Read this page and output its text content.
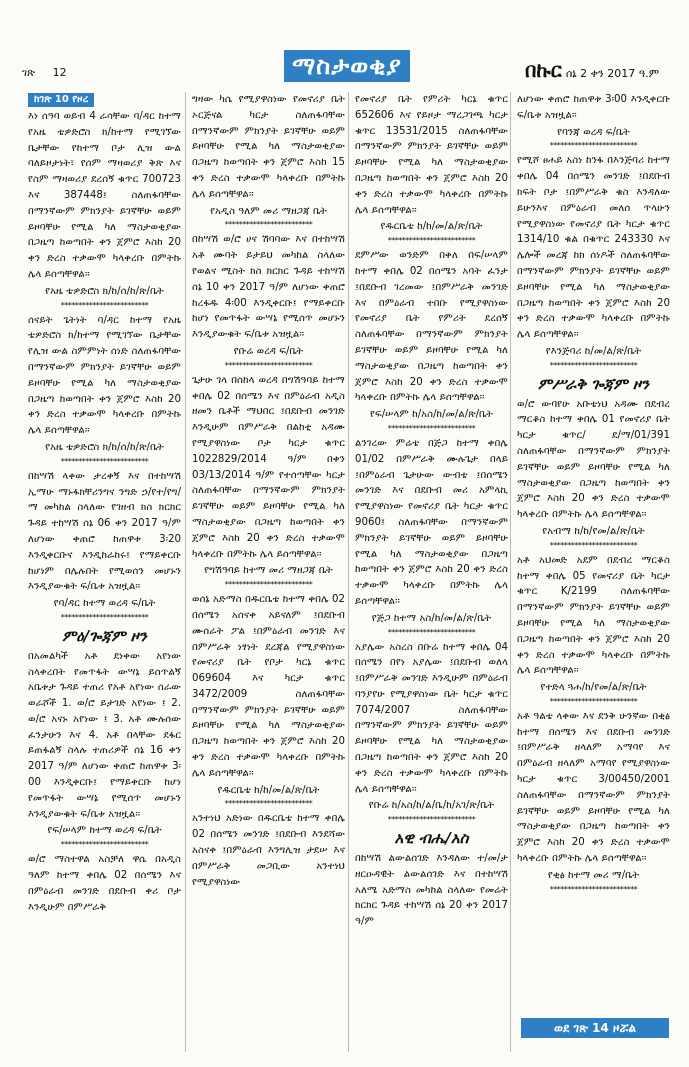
ገጽ 12	ማስታወቂያ	በኩር ሰኔ 2 ቀን 2017 ዓ.ም
ከገጽ 10 የዞረ

እነ ሰዓባ ወይብ 4 ራሳቸው ባ/ዳር ከተማ የአዜ ቴዎድሮስ ክ/ከተማ የሚገኘው ቤታቸው የከተማ ቦታ ሊዝ ውል ባለይዞታነት፣ የሰም ማዛወሪያ ቅጽ እና የስም ማዛወሪያ ደረሰኝ ቁጥር 700723 እና 387448፤ ስለጠፋባቸው በማንኛውም ምክንያት ይገኛቸሁ ወይም ይዞባቸሁ የሚል ካለ ማስታወቂያው በጋዜጣ ከወጣበት ቀን ጀምሮ እስከ 20 ቀን ድረስ ተቃውሞ ካላቀረቡ በምትኩ ሌላ ይሰጣቸዋል፡፡

የአዜ ቴዎድሮስ ክ/ከ/ሰ/ከ/ጽ/ቤት
*************************

ሰናይት ጌትነት ባ/ዳር ከተማ የአዜ ቴዎድሮስ ክ/ከተማ የሚገኘው ቤታቸው የሊዝ ውል ስምምነት ሰነድ ስለጠፋባቸው በማንኛውም ምክንያት ይገኛቸሁ ወይም ይዞባቸሁ የሚል ካለ ማስታወቂያው በጋዜጣ ከወጣበት ቀን ጀምሮ እስከ 20 ቀን ድረስ ተቃውሞ ካላቀረቡ በምትኩ ሌላ ይሰጣቸዋል፡፡

የአዜ ቴዎድሮስ ክ/ከ/ሰ/ከ/ጽ/ቤት
*************************

በከሣሽ ላቀው ታረቀኝ እና በተከሣሽ ኢማሁ ማኑፋክቸሪንግና ንግድ ኃ/የተ/የግ/ማ መካከል ስላለው የገዘብ ክስ ክርክር ጉዳይ ተከሣሽ ሰኔ 06 ቀን 2017 ዓ/ም ለሆነው ቀጠሮ ከጠዋቱ 3፡20 እንዲቀርቡና እንዲከራከሩ፤ የማይቀርቡ ከሆነም በሌሉበት የሚወሰን መሆኑን እንዲያውቁት ፍ/ቤቱ አዝዟል፡፡

የባ/ዳር ከተማ ወረዳ ፍ/ቤት
*************************
ምዕ/ጐጃም ዞን

በአመልካች አቶ ደነቀው አየነው ስላቀረበት የመጥፋት ውሣኔ ይሰጥልኝ አቤቱታ ጉዳይ ተጠሪ የአቶ አየነው ሰራው ወራሾች 1. ወ/ሮ ይታገድ አየነው ፤ 2. ወ/ሮ አናኑ አየነው ፤ 3. አቶ ሙሉሰው ፈንታሁን እና 4. አቶ በላቸው ደፋር ይጠፋልኝ ስላሉ ተጠሪዎች ሰኔ 16 ቀን 2017 ዓ/ም ለሆነው ቀጠሮ ከጠዋቱ 3፡00 እንዲቀርቡ፤ የማይቀርቡ ከሆነ የመጥፋት ውሣኔ የሚሰጥ መሆኑን እንዲያውቁት ፍ/ቤቱ አዝዟል፡፡

የፍ/ሠላም ከተማ ወረዳ ፍ/ቤት
*************************

ወ/ሮ ማስተዋል አስቻለ ዋሴ በአዲስ ዓለም ከተማ ቀበሌ 02 በሰሜን እና በምዕራብ መንገድ በደቡብ ቀሪ ቦታ እንዲሁም በምሥራቅ

ግዛው ካሴ የሚያዋስነው የመኖሪያ ቤት ኦርጅናል ካርታ ስለጠፋባቸው በማንኛውም ምክንያት ይገኛቸሁ ወይም ይዞባቸሁ የሚል ካለ ማስታወቂያው በጋዜጣ ከወጣበት ቀን ጀምሮ እስከ 15 ቀን ድረስ ተቃውሞ ካላቀረቡ በምትኩ ሌላ ይሰጣቸዋል፡፡

የአዲስ ዓለም መሪ ማዘጋጃ ቤት
*************************

በከሣሽ ወ/ሮ ሀና ሽባባው እና በተከሣሽ አቶ ሙባት ይታይህ መካከል ስላለው የወልና ሚስት ክስ ክርክር ጉዳይ ተከሣሽ ሰኔ 10 ቀን 2017 ዓ/ም ለሆነው ቀጠሮ ከረፋዱ 4፡00 እንዲቀርቡ፤ የማይቀርቡ ከሆነ የመጥፋት ውሣኔ የሚሰጥ መሆኑን እንዲያውቁት ፍ/ቤቱ አዝዟል፡፡

የቡሬ ወረዳ ፍ/ቤት
*************************

ጌታሁ ገላ በሰከላ ወረዳ በግሽዓባይ ከተማ ቀበሌ 02 በሰሜን እና በምዕራብ አዲስ ዘመን ቤቶች ማህበር ፤በደቡብ መንገድ እንዲሁም በምሥራቅ በልከቲ አዳሙ የሚያዋስነው ቦታ ካርታ ቁጥር 1022829/2014 ዓ/ም በቀን 03/13/2014 ዓ/ም የተሰጣቸው ካርታ ስለጠፋባቸው በማንኛውም ምክንያት ይገኛቸሁ ወይም ይዞባቸሁ የሚል ካለ ማስታወቂያው በጋዜጣ ከወጣበት ቀን ጀምሮ እስከ 20 ቀን ድረስ ተቃውሞ ካላቀረቡ በምትኩ ሌላ ይሰጣቸዋል፡፡

የግሽዓባይ ከተማ መሪ ማዘጋጃ ቤት
*************************

ወሰኔ አድማስ በዱርቤቴ ከተማ ቀበሌ 02 በሰሜን አሰናቀ አይናለም ፤በደቡብ ሙሰራት ፖል ፤በምዕራብ መንገድ እና በምሥራቅ ነፃነት ደረጃል የሚያዋስነው የመኖሪያ ቤት የቦታ ካርኔ ቁጥር 069604 እና ካርታ ቁጥር 3472/2009 ስለጠፋባቸው በማንኛውም ምክንያት ይገኛቸሁ ወይም ይዞባቸሁ የሚል ካለ ማስታወቂያው በጋዜጣ ከወጣበት ቀን ጀምሮ እስከ 20 ቀን ድረስ ተቃውሞ ካላቀረቡ በምትኩ ሌላ ይሰጣቸዋል፡፡

የዱርቤቴ ከ/ከ/መ/ል/ጽ/ቤት
*************************

አንተነህ አድነው በዱርቤቴ ከተማ ቀበሌ 02 በሰሜን መንገድ ፤በደቡብ እንደሻው አስናቀ ፤በምዕራብ እንግሊዝ ታደሠ እና በምሥራቅ መጋቢው አንተነህ የሚያዋስነው

የመኖሪያ ቤት የምሪት ካርኔ ቁጥር 652606 እና የይዞታ ማረጋገጫ ካርታ ቁጥር 13531/2015 ስለጠፋባቸው በማንኛውም ምክንያት ይገኛቸሁ ወይም ይዞባቸሁ የሚል ካለ ማስታወቂያው በጋዜጣ ከወጣበት ቀን ጀምሮ እስከ 20 ቀን ድረስ ተቃውሞ ካላቀረቡ በምትኩ ሌላ ይሰጣቸዋል፡፡

የዱርቤቴ ከ/ከ/መ/ል/ጽ/ቤት
*************************

ደምሥው ወንድም በቀለ በፍ/ሠላም ከተማ ቀበሌ 02 በሰሜን አባት ፈንታ ፤በደቡብ ገረመው ፤በምሥራቅ መንገድ እና በምዕራብ ተበቡ የሚያዋስነው የመኖሪያ ቤት የምሪት ደረሰኝ ስለጠፋባቸው በማንኛውም ምክንያት ይገኛቸሁ ወይም ይዞባቸሁ የሚል ካለ ማስታወቂያው በጋዜጣ ከወጣበት ቀን ጀምሮ እስከ 20 ቀን ድረስ ተቃውሞ ካላቀረቡ በምትኩ ሌላ ይሰጣቸዋል፡፡

የፍ/ሠላም ከ/አስ/ከ/መ/ል/ጽ/ቤት
*************************

ልንገረው ምሬቴ በጅጋ ከተማ ቀበሌ 01/02 በምሥራቅ ሙሉጌታ በላይ ፤በምዕራብ ጌታሁው ውብቴ ፤በሰሜን መንገድ እና በደቡብ መሪ አምላኪ የሚያዋስነው የመኖሪያ ቤት ካርታ ቁጥር 9060፤ ስለጠፋባቸው በማንኛውም ምክንያት ይገኛቸሁ ወይም ይዞባቸሁ የሚል ካለ ማስታወቂያው በጋዜጣ ከወጣበት ቀን ጀምሮ እስከ 20 ቀን ድረስ ተቃውሞ ካላቀረቡ በምትኩ ሌላ ይሰጣቸዋል፡፡

የጅጋ ከተማ አስ/ከ/መ/ል/ጽ/ቤት
*************************

አያሌው አስረስ በቡሬ ከተማ ቀበሌ 04 በሰሜን በየነ አያሌው ፤በደቡብ ወለላ ፤በምሥራቅ መንገድ እንዲሁም በምዕራብ ባንያየሁ የሚያዋስነው ቤት ካርታ ቁጥር 7074/2007 ስለጠፋባቸው በማንኛውም ምክንያት ይገኛቸሁ ወይም ይዞባቸሁ የሚል ካለ ማስታወቂያው በጋዜጣ ከወጣበት ቀን ጀምሮ እስከ 20 ቀን ድረስ ተቃውሞ ካላቀረቡ በምትኩ ሌላ ይሰጣቸዋል፡፡

የቡሬ ከ/አስ/ከ/ል/ቤ/ከ/አገ/ጽ/ቤት
*************************
አዊ ብሔ/አስ

በከሣሽ ልውልሰገድ እንዳለው ተ/መ/ታ ዘርዑዳዊት ልውልሰገድ እና በተከሣሽ አለሜ አድማስ መካከል ስላለው የመሬት ክርክር ጉዳይ ተከሣሽ ሰኔ 20 ቀን 2017 ዓ/ም

ለሆነው ቀጠሮ ከጠዋቱ 3፡00 እንዲቀርቡ ፍ/ቤቱ አዝዟል፡፡

የባንጃ ወረዳ ፍ/ቤት
*************************

የሚሾ ፀሐይ አስነ ከንፋ በእንጅባሪ ከተማ ቀበሌ 04 በሰሜን መንገድ ፤በደቡብ ክፍት ቦታ ፤በምሥራቅ ቁስ እንዳለው ይሁንእና በምዕራብ መለሰ ጥላሁን የሚያዋስነው የመኖሪያ ቤት ካርታ ቁጥር 1314/10 ቁል በቁጥር 243330 እና ሌሎች መረጃ ከክ ሰነዶች ስለጠፋባቸው በማንኛውም ምክንያት ይገኛቸሁ ወይም ይዞባቸሁ የሚል ካለ ማስታወቂያው በጋዜጣ ከወጣበት ቀን ጀምሮ እስከ 20 ቀን ድረስ ተቃውሞ ካላቀረቡ በምትኩ ሌላ ይሰጣቸዋል፡፡

የእንጅባሪ ከ/መ/ል/ጽ/ቤት
*************************
ምሥራቅ ጐጃም ዞን

ወ/ሮ ውባየሁ አቡቴነህ አዳሙ በደብረ ማርቆስ ከተማ ቀበሌ 01 የመኖሪያ ቤት ካርታ ቁጥር/ ደ/ማ/01/391 ስለጠፋባቸው በማንኛውም ምክንያት ይገኛቸሁ ወይም ይዞባቸሁ የሚል ካለ ማስታወቂያው በጋዜጣ ከወጣበት ቀን ጀምሮ እስከ 20 ቀን ድረስ ተቃውሞ ካላቀረቡ በምትኩ ሌላ ይሰጣቸዋል፡፡

የአብማ ከ/ከ/የመ/ል/ጽ/ቤት
*************************

አቶ አህመድ አደም በደብረ ማርቆስ ከተማ ቀበሌ 05 የመኖሪያ ቤት ካርታ ቁጥር K/2199 ስለጠፋባቸው በማንኛውም ምክንያት ይገኛቸሁ ወይም ይዞባቸሁ የሚል ካለ ማስታወቂያው በጋዜጣ ከወጣበት ቀን ጀምሮ እስከ 20 ቀን ድረስ ተቃውሞ ካላቀረቡ በምትኩ ሌላ ይሰጣቸዋል፡፡

የተድላ ጓሐ/ከ/የመ/ል/ጽ/ቤት
*************************

አቶ ዓልቴ ላቀው እና ደንቅ ሁንኛው በቂፅ ከተማ በሰሜን እና በደቡብ መንገድ ፤በምሥራቅ ዘላለም አማባየ እና በምዕራብ ዘላለም አማባየ የሚያዋስነው ካርታ ቁጥር 3/00450/2001 ስለጠፋባቸው በማንኛውም ምክንያት ይገኛቸሁ ወይም ይዞባቸሁ የሚል ካለ ማስታወቂያው በጋዜጣ ከወጣበት ቀን ጀምሮ እስከ 20 ቀን ድረስ ተቃውሞ ካላቀረቡ በምትኩ ሌላ ይሰጣቸዋል፡፡

የቂፅ ከተማ መሪ ማ/ቤት
*************************
ወደ ገጽ 14 ዞሯል
